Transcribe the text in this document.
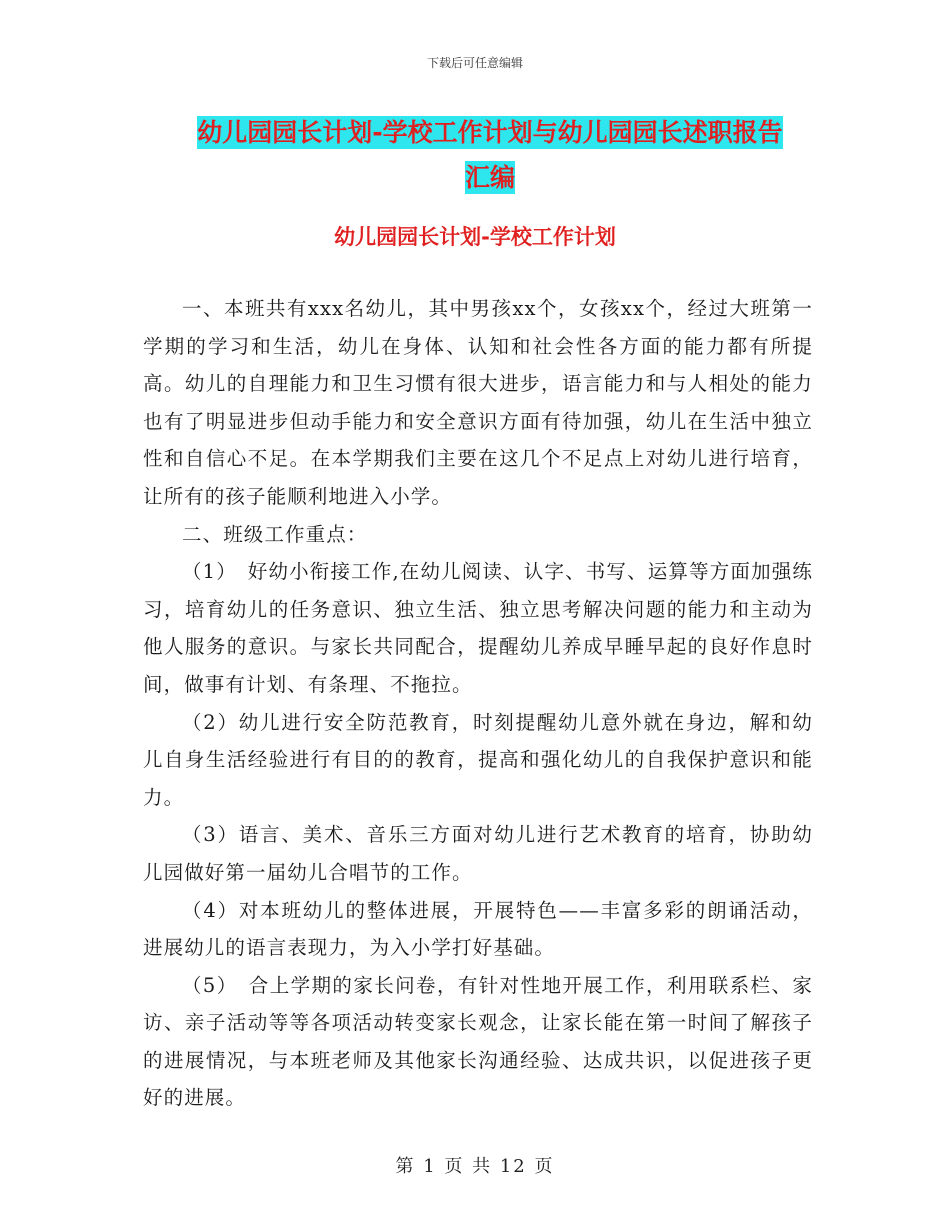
下载后可任意编辑
幼儿园园长计划-学校工作计划与幼儿园园长述职报告
汇编
幼儿园园长计划-学校工作计划

一、本班共有xxx名幼儿，其中男孩xx个，女孩xx个，经过大班第一学期的学习和生活，幼儿在身体、认知和社会性各方面的能力都有所提高。幼儿的自理能力和卫生习惯有很大进步，语言能力和与人相处的能力也有了明显进步但动手能力和安全意识方面有待加强，幼儿在生活中独立性和自信心不足。在本学期我们主要在这几个不足点上对幼儿进行培育，让所有的孩子能顺利地进入小学。

二、班级工作重点：

（1）　好幼小衔接工作,在幼儿阅读、认字、书写、运算等方面加强练习，培育幼儿的任务意识、独立生活、独立思考解决问题的能力和主动为他人服务的意识。与家长共同配合，提醒幼儿养成早睡早起的良好作息时间，做事有计划、有条理、不拖拉。

（2）幼儿进行安全防范教育，时刻提醒幼儿意外就在身边，解和幼儿自身生活经验进行有目的的教育，提高和强化幼儿的自我保护意识和能力。

（3）语言、美术、音乐三方面对幼儿进行艺术教育的培育，协助幼儿园做好第一届幼儿合唱节的工作。

（4）对本班幼儿的整体进展，开展特色——丰富多彩的朗诵活动，进展幼儿的语言表现力，为入小学打好基础。

（5）　合上学期的家长问卷，有针对性地开展工作，利用联系栏、家访、亲子活动等等各项活动转变家长观念，让家长能在第一时间了解孩子的进展情况，与本班老师及其他家长沟通经验、达成共识，以促进孩子更好的进展。

第 1 页 共 12 页
